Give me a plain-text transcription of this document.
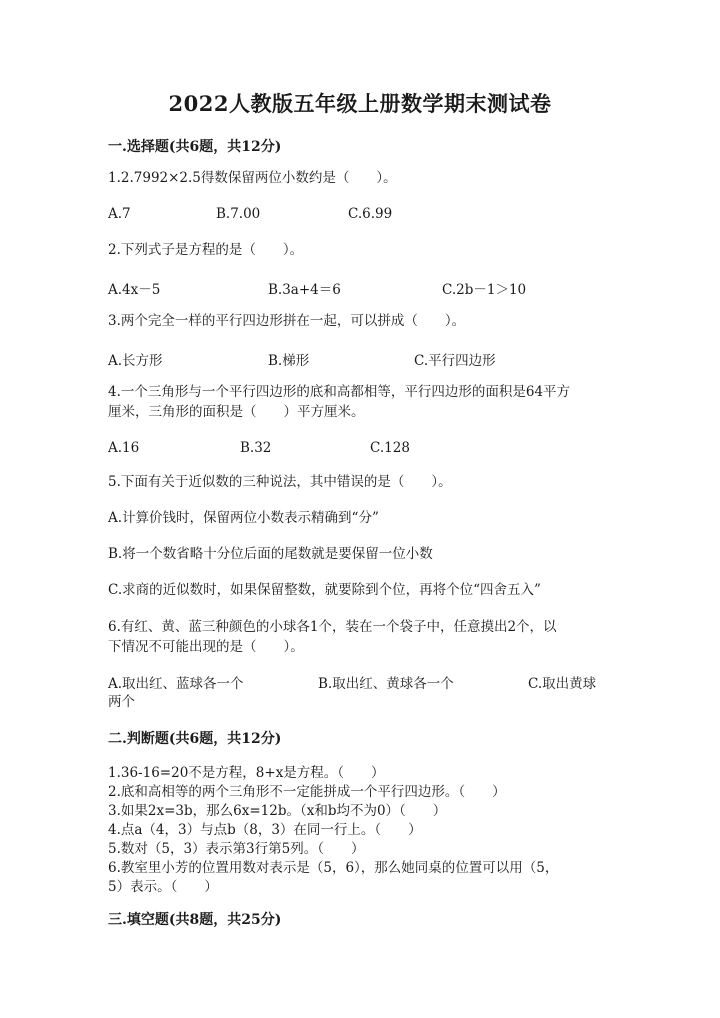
2022人教版五年级上册数学期末测试卷
一.选择题(共6题，共12分)
1.2.7992×2.5得数保留两位小数约是（　　）。
A.7	B.7.00	C.6.99
2.下列式子是方程的是（　　）。
A.4x－5	B.3a+4＝6	C.2b－1＞10
3.两个完全一样的平行四边形拼在一起，可以拼成（　　）。
A.长方形	B.梯形	C.平行四边形
4.一个三角形与一个平行四边形的底和高都相等，平行四边形的面积是64平方
厘米，三角形的面积是（　　）平方厘米。
A.16	B.32	C.128
5.下面有关于近似数的三种说法，其中错误的是（　　）。
A.计算价钱时，保留两位小数表示精确到“分”
B.将一个数省略十分位后面的尾数就是要保留一位小数
C.求商的近似数时，如果保留整数，就要除到个位，再将个位“四舍五入”
6.有红、黄、蓝三种颜色的小球各1个，装在一个袋子中，任意摸出2个，以
下情况不可能出现的是（　　）。
A.取出红、蓝球各一个	B.取出红、黄球各一个	C.取出黄球
两个
二.判断题(共6题，共12分)
1.36-16=20不是方程，8+x是方程。（　　）
2.底和高相等的两个三角形不一定能拼成一个平行四边形。（　　）
3.如果2x=3b，那么6x=12b。（x和b均不为0）（　　）
4.点a（4，3）与点b（8，3）在同一行上。（　　）
5.数对（5，3）表示第3行第5列。（　　）
6.教室里小芳的位置用数对表示是（5，6），那么她同桌的位置可以用（5，
5）表示。（　　）
三.填空题(共8题，共25分)
